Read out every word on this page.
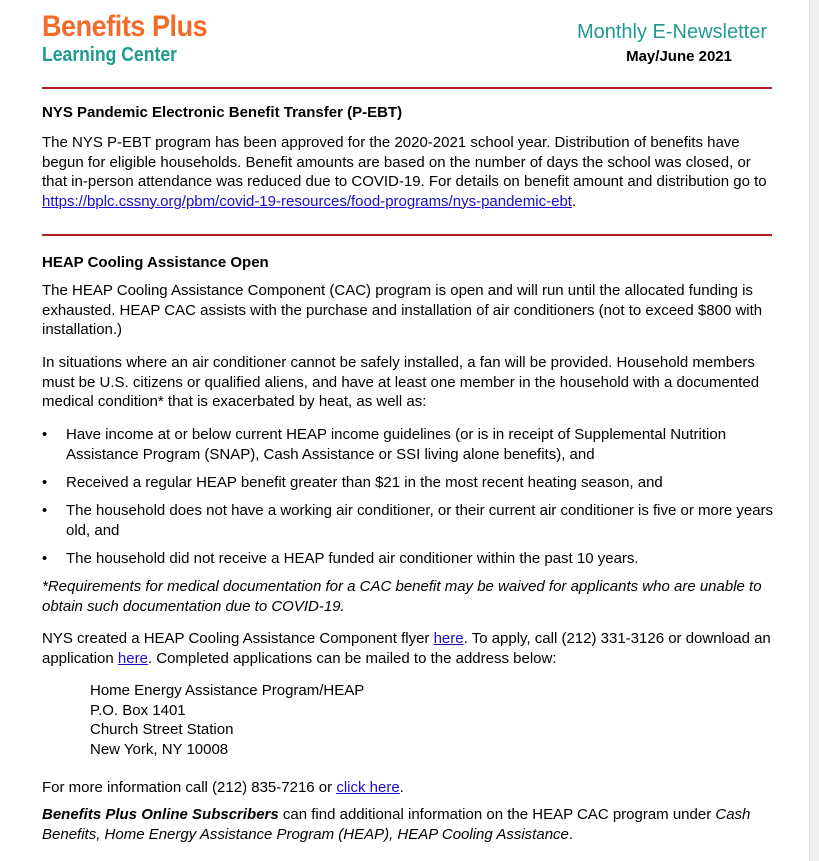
Benefits Plus
Learning Center
Monthly E-Newsletter
May/June 2021

NYS Pandemic Electronic Benefit Transfer (P-EBT)

The NYS P-EBT program has been approved for the 2020-2021 school year. Distribution of benefits have begun for eligible households. Benefit amounts are based on the number of days the school was closed, or that in-person attendance was reduced due to COVID-19. For details on benefit amount and distribution go to https://bplc.cssny.org/pbm/covid-19-resources/food-programs/nys-pandemic-ebt.

HEAP Cooling Assistance Open

The HEAP Cooling Assistance Component (CAC) program is open and will run until the allocated funding is exhausted. HEAP CAC assists with the purchase and installation of air conditioners (not to exceed $800 with installation.)

In situations where an air conditioner cannot be safely installed, a fan will be provided. Household members must be U.S. citizens or qualified aliens, and have at least one member in the household with a documented medical condition* that is exacerbated by heat, as well as:

•	Have income at or below current HEAP income guidelines (or is in receipt of Supplemental Nutrition Assistance Program (SNAP), Cash Assistance or SSI living alone benefits), and
•	Received a regular HEAP benefit greater than $21 in the most recent heating season, and
•	The household does not have a working air conditioner, or their current air conditioner is five or more years old, and
•	The household did not receive a HEAP funded air conditioner within the past 10 years.

*Requirements for medical documentation for a CAC benefit may be waived for applicants who are unable to obtain such documentation due to COVID-19.

NYS created a HEAP Cooling Assistance Component flyer here. To apply, call (212) 331-3126 or download an application here. Completed applications can be mailed to the address below:

Home Energy Assistance Program/HEAP
P.O. Box 1401
Church Street Station
New York, NY 10008

For more information call (212) 835-7216 or click here.

Benefits Plus Online Subscribers can find additional information on the HEAP CAC program under Cash Benefits, Home Energy Assistance Program (HEAP), HEAP Cooling Assistance.
